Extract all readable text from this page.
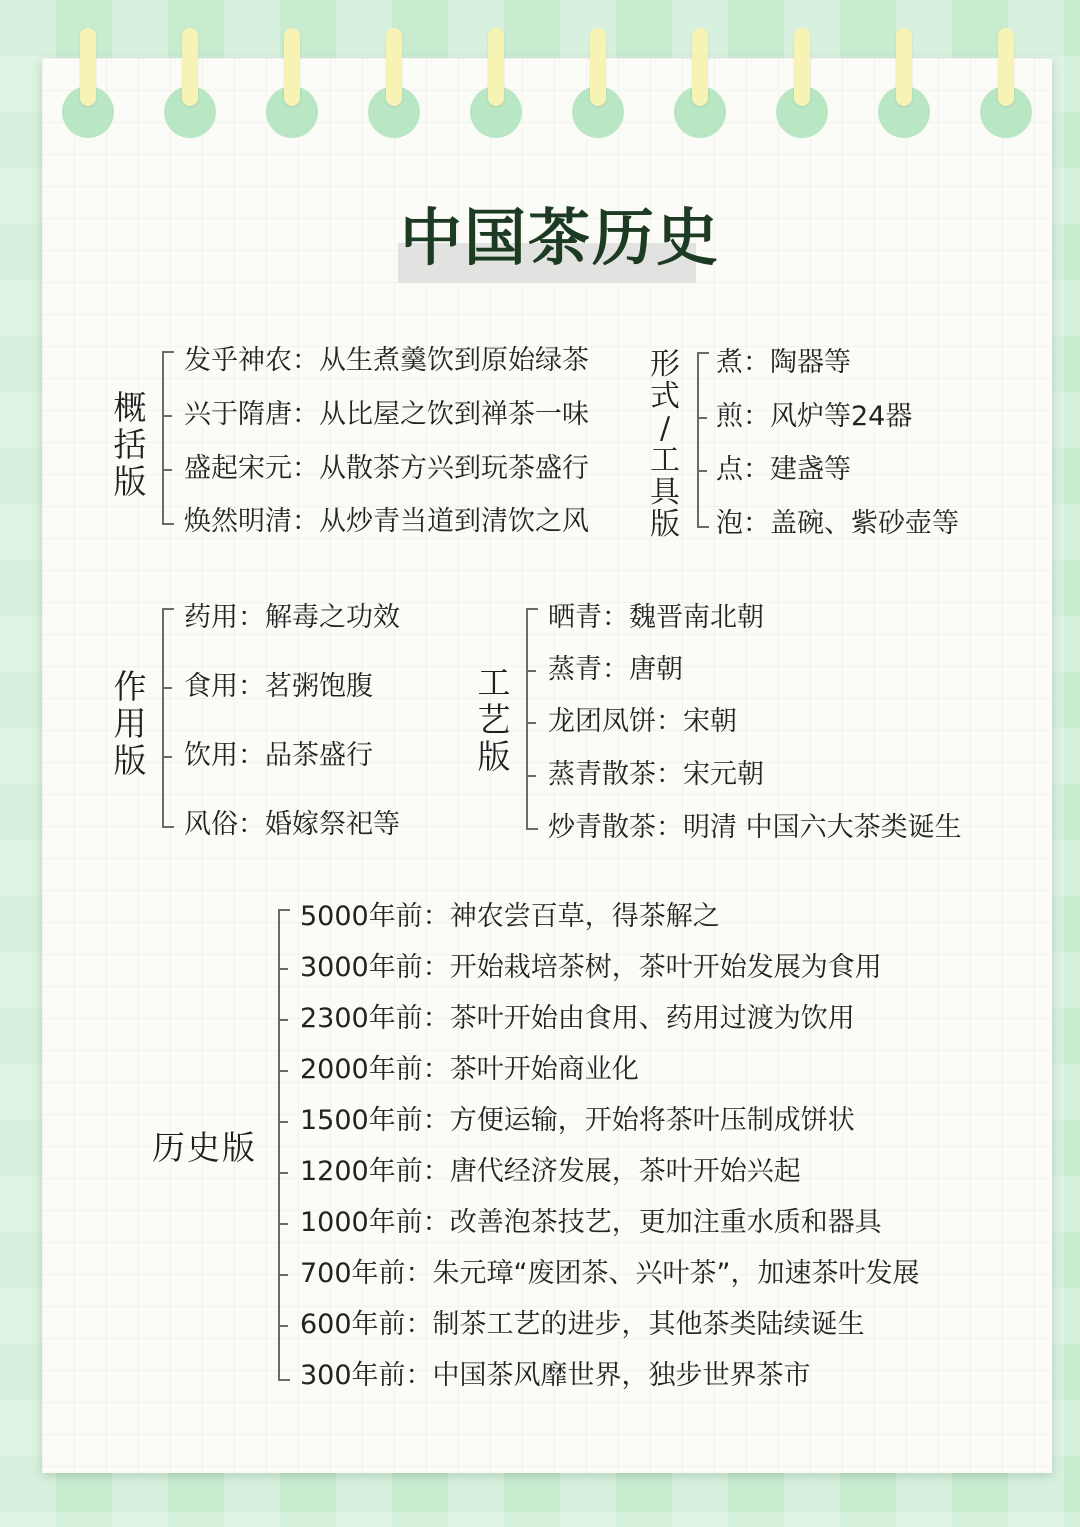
中国茶历史
概
括
版
发乎神农：从生煮羹饮到原始绿茶
兴于隋唐：从比屋之饮到禅茶一味
盛起宋元：从散茶方兴到玩茶盛行
焕然明清：从炒青当道到清饮之风
形
式
/
工
具
版
煮：陶器等
煎：风炉等24器
点：建盏等
泡：盖碗、紫砂壶等
作
用
版
药用：解毒之功效
食用：茗粥饱腹
饮用：品茶盛行
风俗：婚嫁祭祀等
工
艺
版
晒青：魏晋南北朝
蒸青：唐朝
龙团凤饼：宋朝
蒸青散茶：宋元朝
炒青散茶：明清 中国六大茶类诞生
历史版
5000年前：神农尝百草，得茶解之
3000年前：开始栽培茶树，茶叶开始发展为食用
2300年前：茶叶开始由食用、药用过渡为饮用
2000年前：茶叶开始商业化
1500年前：方便运输，开始将茶叶压制成饼状
1200年前：唐代经济发展，茶叶开始兴起
1000年前：改善泡茶技艺，更加注重水质和器具
700年前：朱元璋“废团茶、兴叶茶”，加速茶叶发展
600年前：制茶工艺的进步，其他茶类陆续诞生
300年前：中国茶风靡世界，独步世界茶市
